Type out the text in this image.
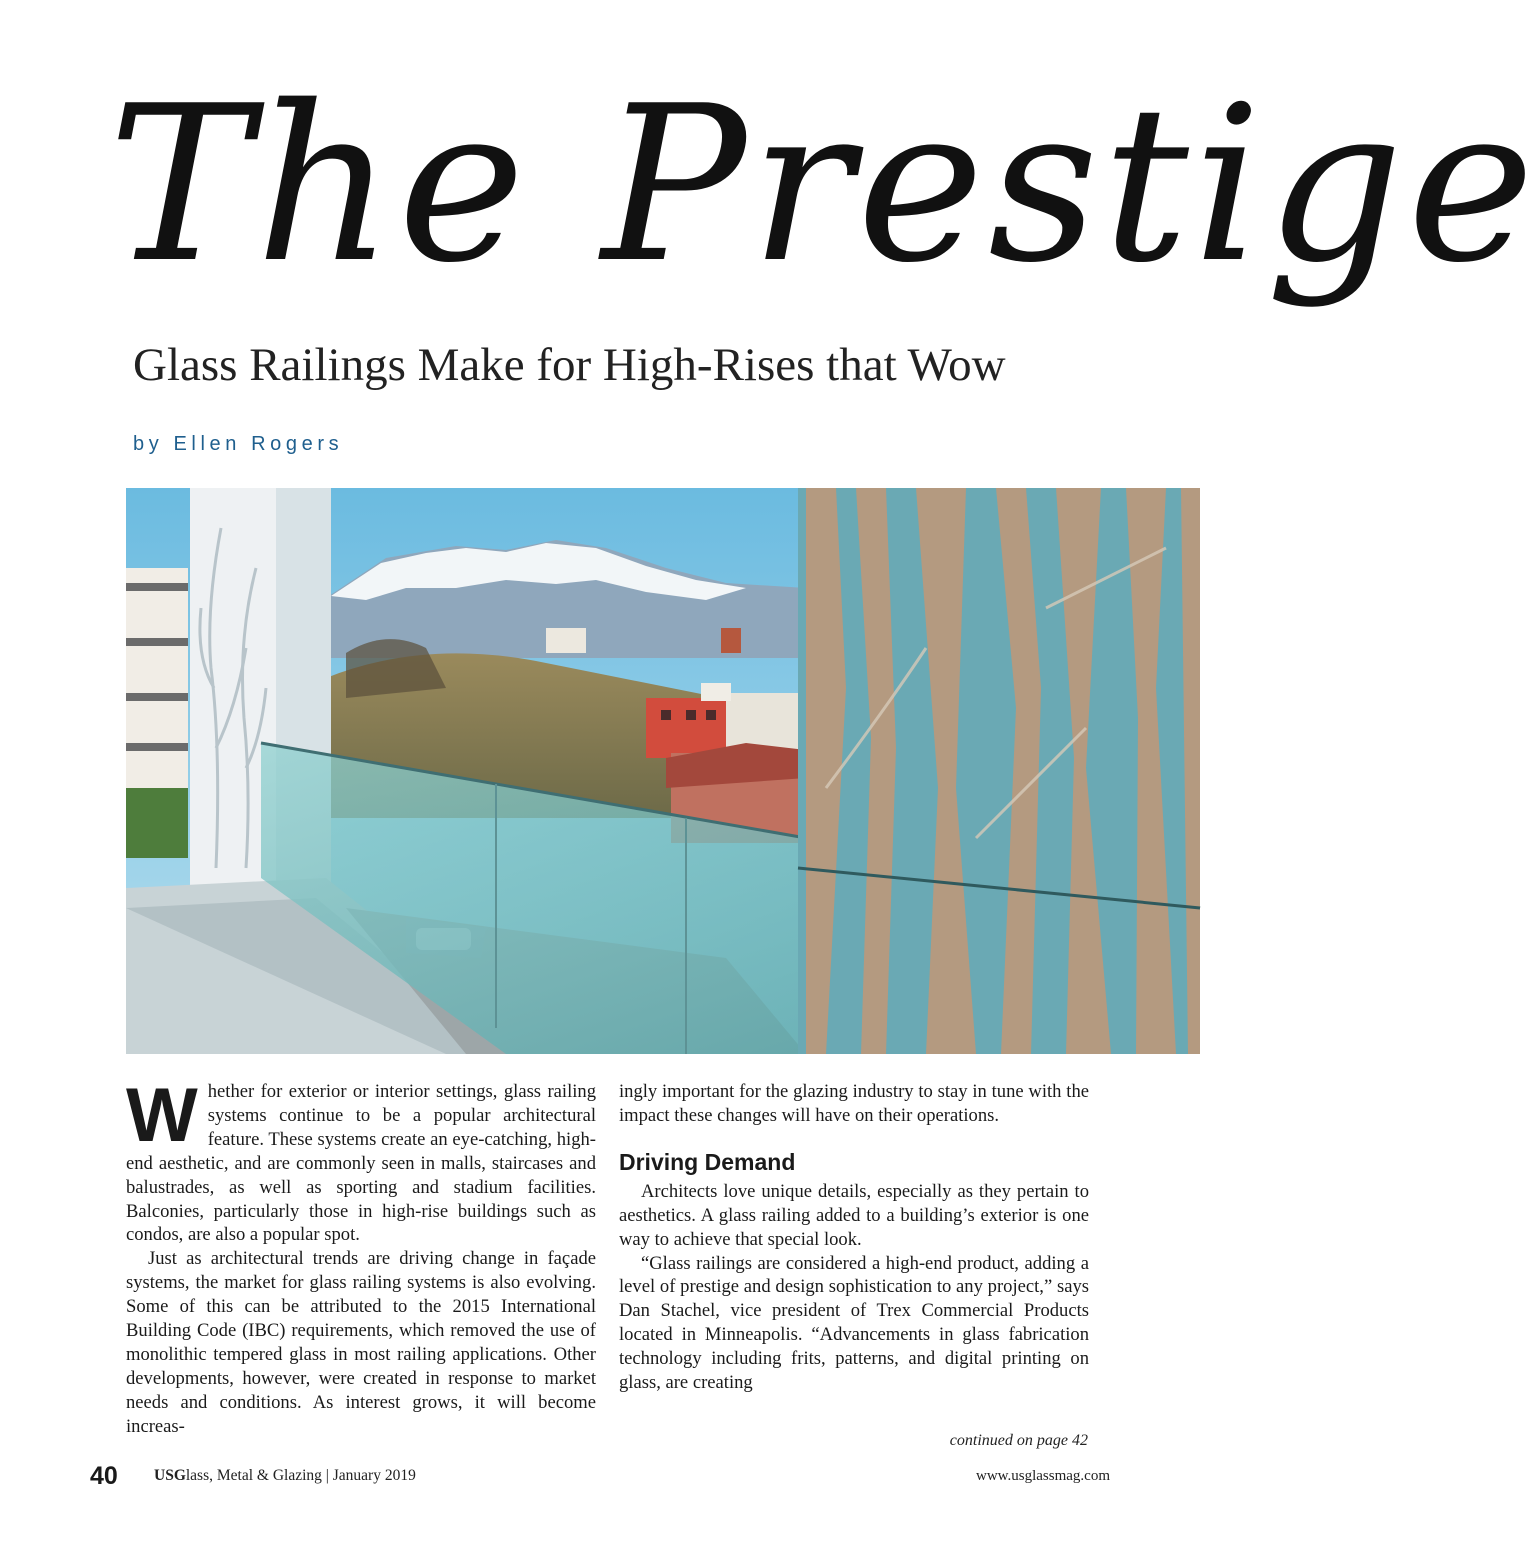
The Prestige
Glass Railings Make for High-Rises that Wow
by Ellen Rogers

Whether for exterior or interior settings, glass railing systems continue to be a popular architectural feature. These systems create an eye-catching, high-end aesthetic, and are commonly seen in malls, staircases and balustrades, as well as sporting and stadium facilities. Balconies, particularly those in high-rise buildings such as condos, are also a popular spot.

Just as architectural trends are driving change in façade systems, the market for glass railing systems is also evolving. Some of this can be attributed to the 2015 International Building Code (IBC) requirements, which removed the use of monolithic tempered glass in most railing applications. Other developments, however, were created in response to market needs and conditions. As interest grows, it will become increas-

ingly important for the glazing industry to stay in tune with the impact these changes will have on their operations.

Driving Demand

Architects love unique details, especially as they pertain to aesthetics. A glass railing added to a building’s exterior is one way to achieve that special look.

“Glass railings are considered a high-end product, adding a level of prestige and design sophistication to any project,” says Dan Stachel, vice president of Trex Commercial Products located in Minneapolis. “Advancements in glass fabrication technology including frits, patterns, and digital printing on glass, are creating

continued on page 42
40 USGlass, Metal & Glazing | January 2019	www.usglassmag.com
